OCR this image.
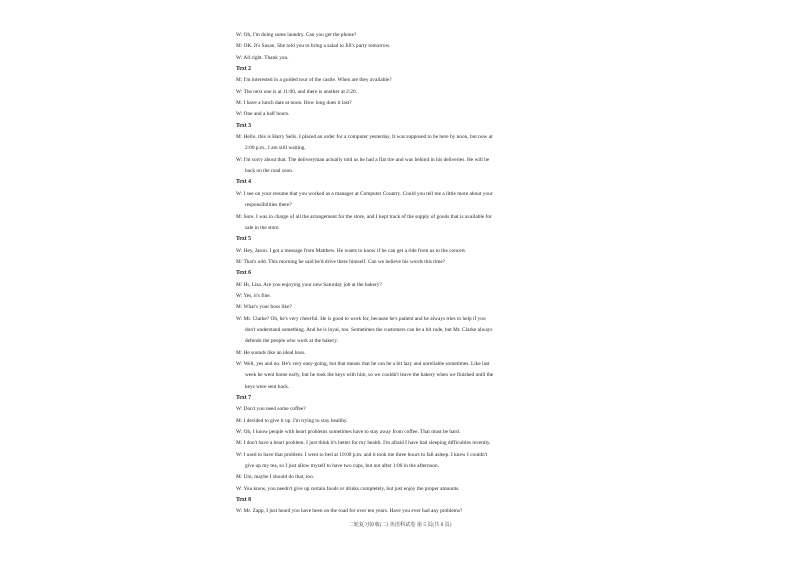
W: Oh, I'm doing some laundry. Can you get the phone?
M: OK. It's Susan. She told you to bring a salad to Jill's party tomorrow.
W: All right. Thank you.
Text 2
M: I'm interested in a guided tour of the castle. When are they available?
W: The next one is at 11:00, and there is another at 2:20.
M: I have a lunch date at noon. How long does it last?
W: One and a half hours.
Text 3
M: Hello, this is Harry Sells. I placed an order for a computer yesterday. It was supposed to be here by noon, but now at
2:00 p.m., I am still waiting.
W: I'm sorry about that. The deliveryman actually told us he had a flat tire and was behind in his deliveries. He will be
back on the road soon.
Text 4
W: I see on your resume that you worked as a manager at Computer Country. Could you tell me a little more about your
responsibilities there?
M: Sure. I was in charge of all the arrangement for the store, and I kept track of the supply of goods that is available for
sale in the store.
Text 5
W: Hey, Jason. I got a message from Matthew. He wants to know if he can get a ride from us to the concert.
M: That's odd. This morning he said he'd drive there himself. Can we believe his words this time?
Text 6
M: Hi, Lisa. Are you enjoying your new Saturday job at the bakery?
W: Yes, it's fine.
M: What's your boss like?
W: Mr. Clarke? Oh, he's very cheerful. He is good to work for, because he's patient and he always tries to help if you
don't understand something. And he is loyal, too. Sometimes the customers can be a bit rude, but Mr. Clarke always
defends the people who work at the bakery.
M: He sounds like an ideal boss.
W: Well, yes and no. He's very easy-going, but that means that he can be a bit lazy and unreliable sometimes. Like last
week he went home early, but he took the keys with him, so we couldn't leave the bakery when we finished until the
keys were sent back.
Text 7
W: Don't you need some coffee?
M: I decided to give it up. I'm trying to stay healthy.
W: Oh, I know people with heart problems sometimes have to stay away from coffee. That must be hard.
M: I don't have a heart problem. I just think it's better for my health. I'm afraid I have had sleeping difficulties recently.
W: I used to have that problem. I went to bed at 10:00 p.m. and it took me three hours to fall asleep. I knew I couldn't
give up my tea, so I just allow myself to have two cups, but not after 1:00 in the afternoon.
M: Um, maybe I should do that, too.
W: You know, you needn't give up certain foods or drinks completely, but just enjoy the proper amounts.
Text 8
W: Mr. Zapp, I just heard you have been on the road for over ten years. Have you ever had any problems?
二轮复习验收(二) 英语科试卷 第 5 页(共 8 页)
